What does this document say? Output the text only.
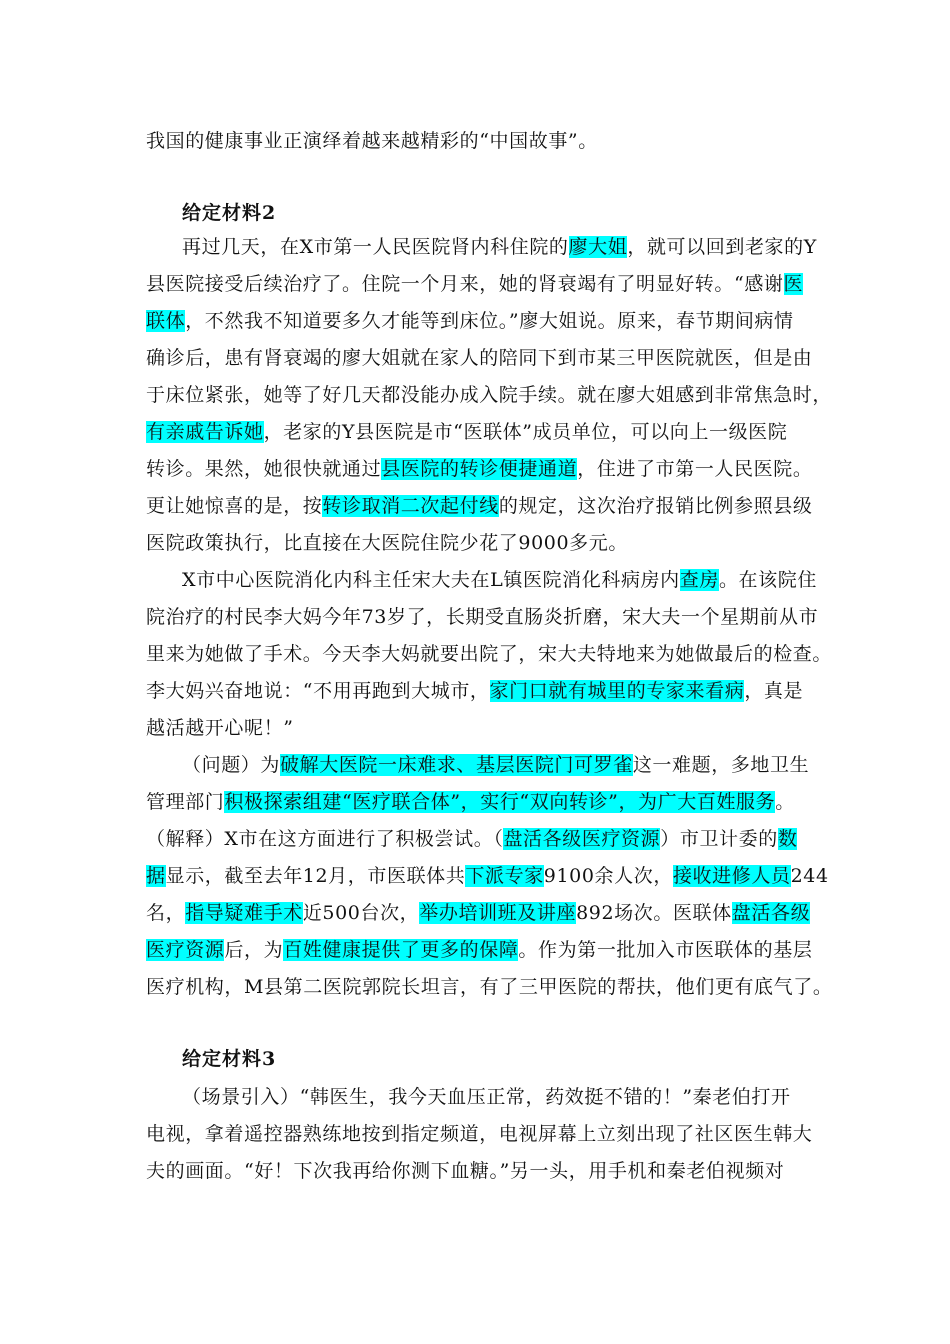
我国的健康事业正演绎着越来越精彩的“中国故事”。
给定材料2
再过几天，在X市第一人民医院肾内科住院的廖大姐，就可以回到老家的Y
县医院接受后续治疗了。住院一个月来，她的肾衰竭有了明显好转。“感谢医
联体，不然我不知道要多久才能等到床位。”廖大姐说。原来，春节期间病情
确诊后，患有肾衰竭的廖大姐就在家人的陪同下到市某三甲医院就医，但是由
于床位紧张，她等了好几天都没能办成入院手续。就在廖大姐感到非常焦急时，
有亲戚告诉她，老家的Y县医院是市“医联体”成员单位，可以向上一级医院
转诊。果然，她很快就通过县医院的转诊便捷通道，住进了市第一人民医院。
更让她惊喜的是，按转诊取消二次起付线的规定，这次治疗报销比例参照县级
医院政策执行，比直接在大医院住院少花了9000多元。
X市中心医院消化内科主任宋大夫在L镇医院消化科病房内查房。在该院住
院治疗的村民李大妈今年73岁了，长期受直肠炎折磨，宋大夫一个星期前从市
里来为她做了手术。今天李大妈就要出院了，宋大夫特地来为她做最后的检查。
李大妈兴奋地说：“不用再跑到大城市，家门口就有城里的专家来看病，真是
越活越开心呢！”
（问题）为破解大医院一床难求、基层医院门可罗雀这一难题，多地卫生
管理部门积极探索组建“医疗联合体”，实行“双向转诊”，为广大百姓服务。
（解释）X市在这方面进行了积极尝试。（盘活各级医疗资源）市卫计委的数
据显示，截至去年12月，市医联体共下派专家9100余人次，接收进修人员244
名，指导疑难手术近500台次，举办培训班及讲座892场次。医联体盘活各级
医疗资源后，为百姓健康提供了更多的保障。作为第一批加入市医联体的基层
医疗机构，M县第二医院郭院长坦言，有了三甲医院的帮扶，他们更有底气了。
给定材料3
（场景引入）“韩医生，我今天血压正常，药效挺不错的！”秦老伯打开
电视，拿着遥控器熟练地按到指定频道，电视屏幕上立刻出现了社区医生韩大
夫的画面。“好！下次我再给你测下血糖。”另一头，用手机和秦老伯视频对
